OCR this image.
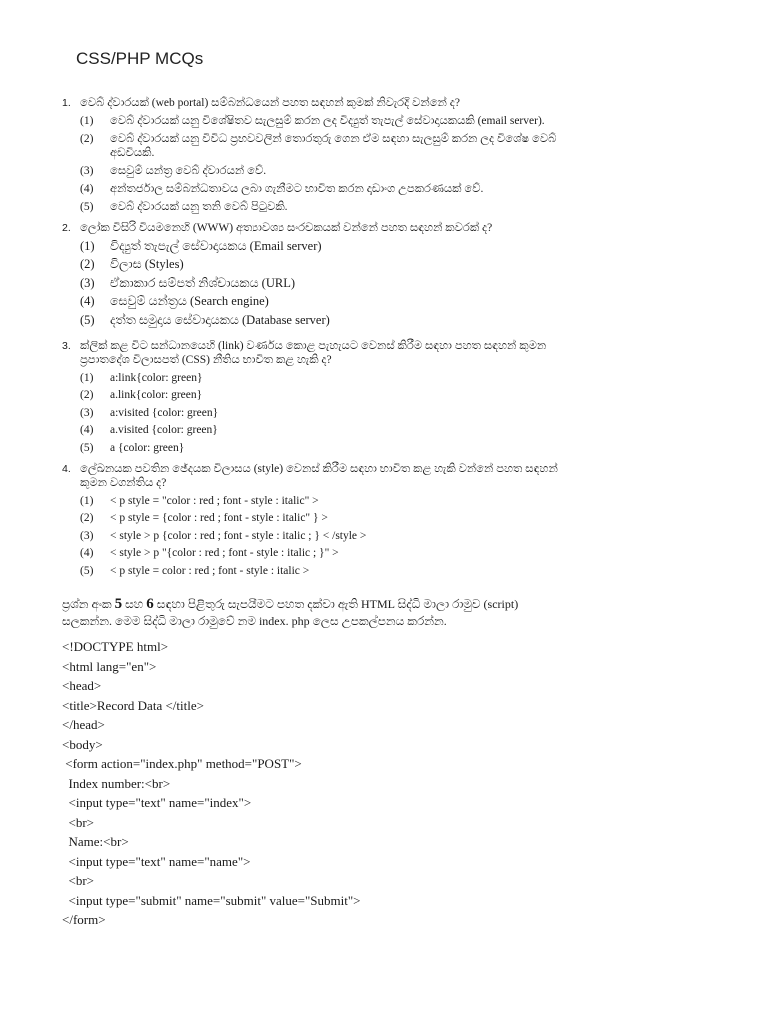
CSS/PHP MCQs
1. වෙබ් ද්වාරයක් (web portal) සම්බන්ධයෙන් පහත සඳහන් කුමක් නිවැරදි වන්නේ ද?
(1)	වෙබ් ද්වාරයක් යනු විශේෂිතව සැලසුම් කරන ලද විද්‍යුත් තැපැල් සේවාදායකයකි (email server).
(2)	වෙබ් ද්වාරයක් යනු විවිධ ප්‍රභවවලින් තොරතුරු ගෙන ඒම සඳහා සැලසුම් කරන ලද විශේෂ වෙබ්
අඩවියකි.
(3)	සෙවුම් යන්ත්‍ර වෙබ් ද්වාරයන් වේ.
(4)	අන්තර්ජාල සම්බන්ධතාවය ලබා ගැනීමට භාවිත කරන දෘඩාංග උපකරණයක් වේ.
(5)	වෙබ් ද්වාරයක් යනු තනි වෙබ් පිටුවකි.
2. ලෝක විසිරි වියමනෙහි (WWW) අත්‍යාවශ්‍ය සංරචකයක් වන්නේ පහත සඳහන් කවරක් ද?
(1)	විද්‍යුත් තැපැල් සේවාදායකය (Email server)
(2)	විලාස (Styles)
(3)	ඒකාකාර සම්පත් නිශ්චායකය (URL)
(4)	සෙවුම් යන්ත්‍රය (Search engine)
(5)	දත්ත සමුදාය සේවාදායකය (Database server)
3. ක්ලික් කළ විට සන්ධානයෙහි (link) වර්ණය කොළ පැහැයට වෙනස් කිරීම සඳහා පහත සඳහන් කුමන
ප්‍රපාතදේශ විලාසපත් (CSS) නීතිය භාවිත කළ හැකි ද?
(1)	a:link{color: green}
(2)	a.link{color: green}
(3)	a:visited {color: green}
(4)	a.visited {color: green}
(5)	a {color: green}
4. ලේඛනයක පවතින ඡේදයක විලාසය (style) වෙනස් කිරීම සඳහා භාවිත කළ හැකි වන්නේ පහත සඳහන්
කුමන වගන්තිය ද?
(1)	< p style = "color : red ; font - style : italic" >
(2)	< p style = {color : red ; font - style : italic" } >
(3)	< style > p {color : red ; font - style : italic ; } < /style >
(4)	< style > p "{color : red ; font - style : italic ; }" >
(5)	< p style = color : red ; font - style : italic >
ප්‍රශ්න අංක 5 සහ 6 සඳහා පිළිතුරු සැපයීමට පහත දක්වා ඇති HTML සිද්ධි මාලා රාමුව (script)
සලකන්න. මෙම සිද්ධි මාලා රාමුවේ නම index. php ලෙස උපකල්පනය කරන්න.
<!DOCTYPE html>
<html lang="en">
<head>
<title>Record Data </title>
</head>
<body>
<form action="index.php" method="POST">
Index number:<br>
<input type="text" name="index">
<br>
Name:<br>
<input type="text" name="name">
<br>
<input type="submit" name="submit" value="Submit">
</form>
